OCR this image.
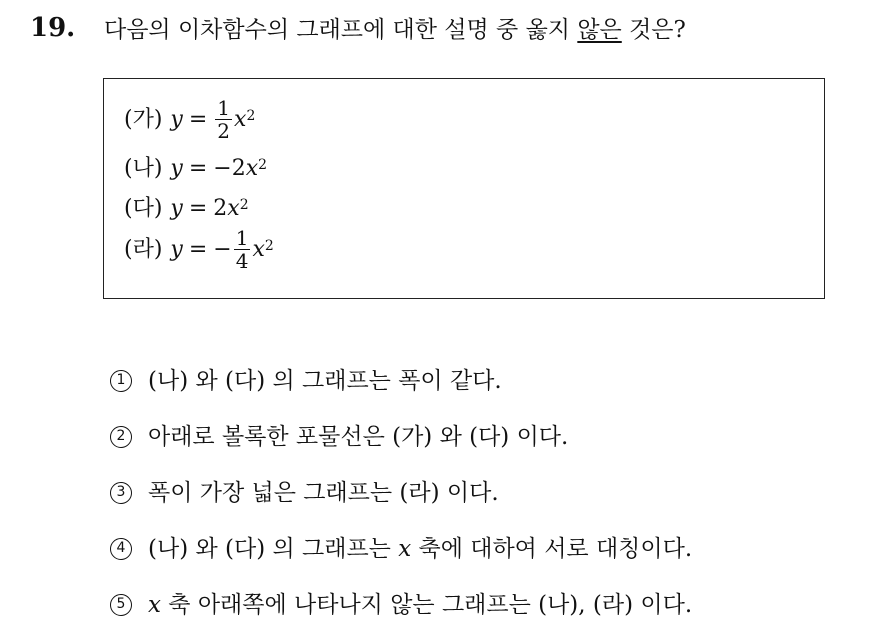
19. 다음의 이차함수의 그래프에 대한 설명 중 옳지 않은 것은?
(가) $y = \frac{1}{2} x^2$
(나) y = − 2 $x^2$
(다) y = 2 $x^2$
(라) y = − $\frac{1}{4} x^2$
1 (나) 와 (다) 의 그래프는 폭이 같다.
2 아래로 볼록한 포물선은 (가) 와 (다) 이다.
3 폭이 가장 넓은 그래프는 (라) 이다.
4 (나) 와 (다) 의 그래프는 x 축에 대하여 서로 대칭이다.
5 x 축 아래쪽에 나타나지 않는 그래프는 (나), (라) 이다.
